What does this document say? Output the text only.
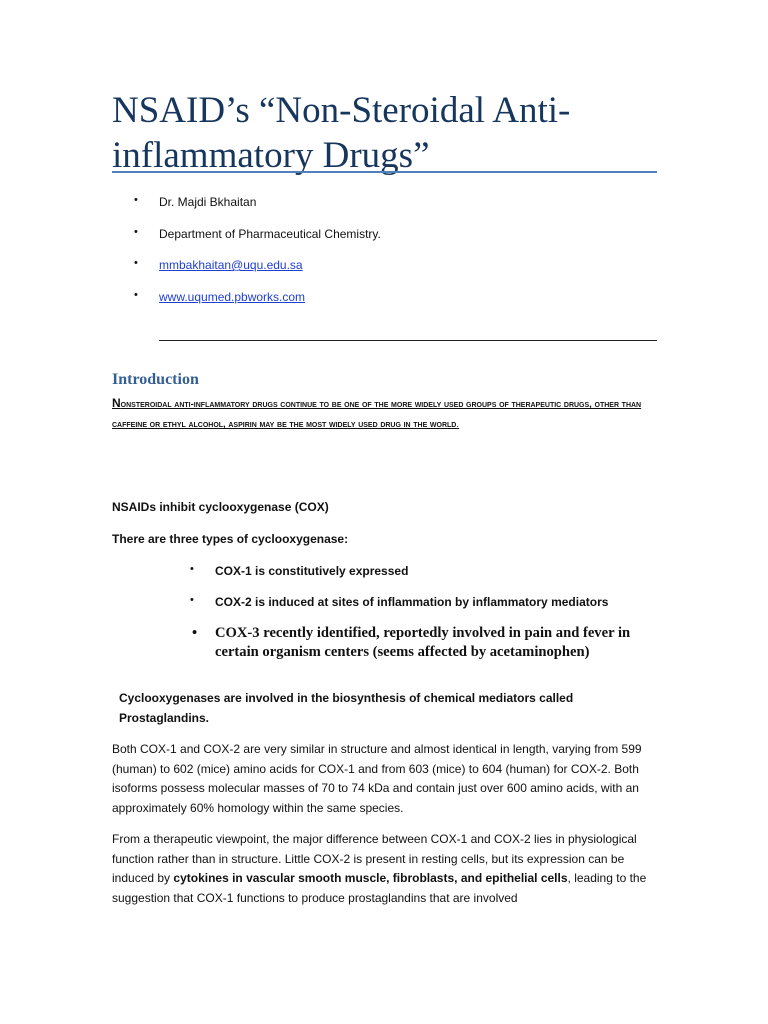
NSAID’s “Non-Steroidal Anti-inflammatory Drugs”
• Dr. Majdi Bkhaitan
• Department of Pharmaceutical Chemistry.
• mmbakhaitan@uqu.edu.sa
• www.uqumed.pbworks.com
Introduction
Nonsteroidal anti-inflammatory drugs continue to be one of the more widely used groups of therapeutic drugs, other than caffeine or ethyl alcohol, aspirin may be the most widely used drug in the world.
NSAIDs inhibit cyclooxygenase (COX)
There are three types of cyclooxygenase:
• COX-1 is constitutively expressed
• COX-2 is induced at sites of inflammation by inflammatory mediators
• COX-3 recently identified, reportedly involved in pain and fever in certain organism centers (seems affected by acetaminophen)
Cyclooxygenases are involved in the biosynthesis of chemical mediators called Prostaglandins.
Both COX-1 and COX-2 are very similar in structure and almost identical in length, varying from 599 (human) to 602 (mice) amino acids for COX-1 and from 603 (mice) to 604 (human) for COX-2. Both isoforms possess molecular masses of 70 to 74 kDa and contain just over 600 amino acids, with an approximately 60% homology within the same species.
From a therapeutic viewpoint, the major difference between COX-1 and COX-2 lies in physiological function rather than in structure. Little COX-2 is present in resting cells, but its expression can be induced by cytokines in vascular smooth muscle, fibroblasts, and epithelial cells, leading to the suggestion that COX-1 functions to produce prostaglandins that are involved
